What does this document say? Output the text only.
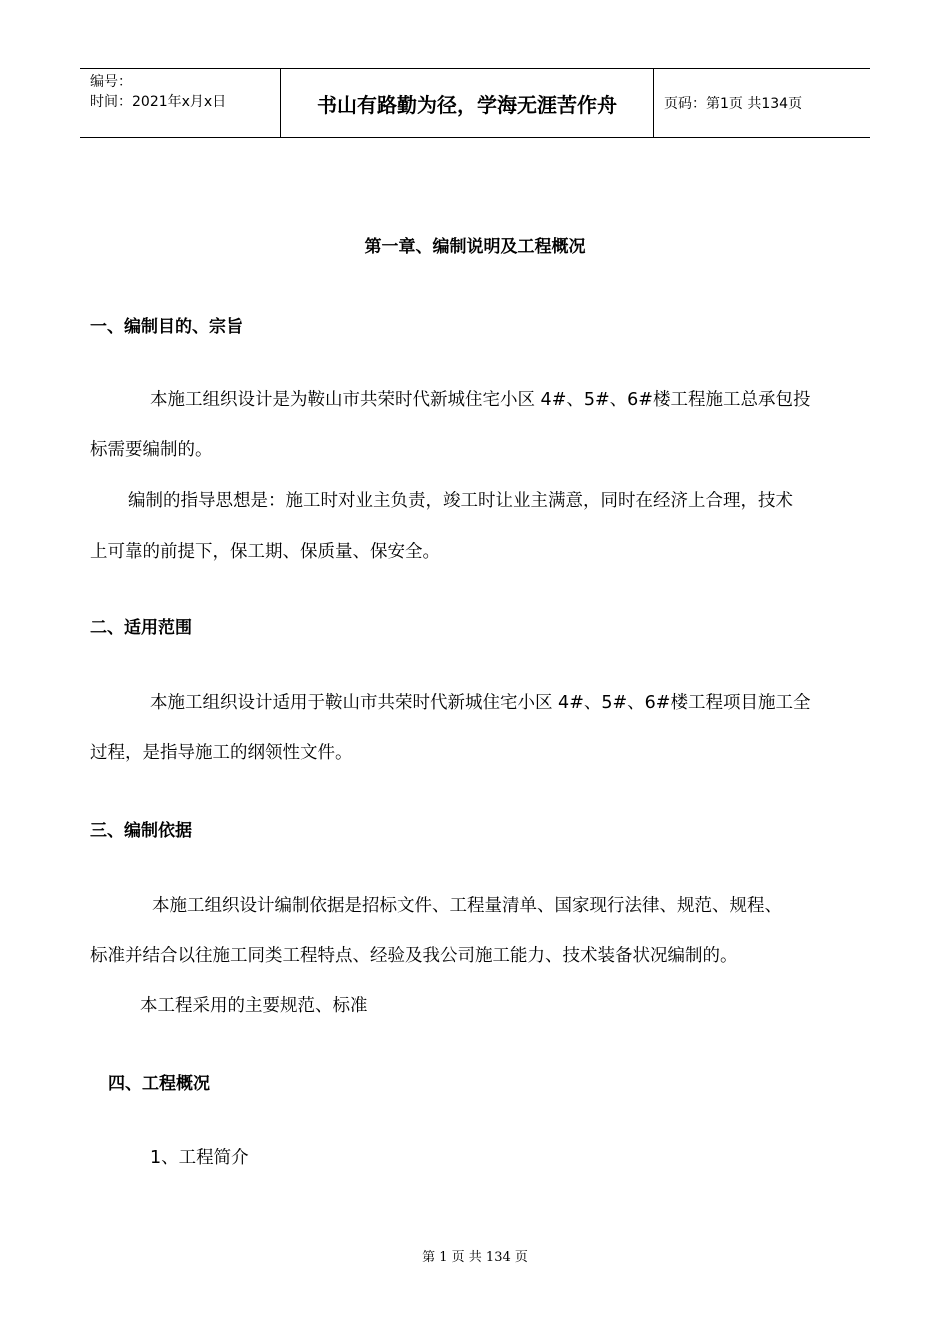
编号：
时间：2021年x月x日	书山有路勤为径，学海无涯苦作舟	页码：第1页 共134页
第一章、编制说明及工程概况
一、编制目的、宗旨
本施工组织设计是为鞍山市共荣时代新城住宅小区 4#、5#、6#楼工程施工总承包投
标需要编制的。
编制的指导思想是：施工时对业主负责，竣工时让业主满意，同时在经济上合理，技术
上可靠的前提下，保工期、保质量、保安全。
二、适用范围
本施工组织设计适用于鞍山市共荣时代新城住宅小区 4#、5#、6#楼工程项目施工全
过程，是指导施工的纲领性文件。
三、编制依据
本施工组织设计编制依据是招标文件、工程量清单、国家现行法律、规范、规程、
标准并结合以往施工同类工程特点、经验及我公司施工能力、技术装备状况编制的。
本工程采用的主要规范、标准
四、工程概况
1、工程简介
第 1 页 共 134 页
